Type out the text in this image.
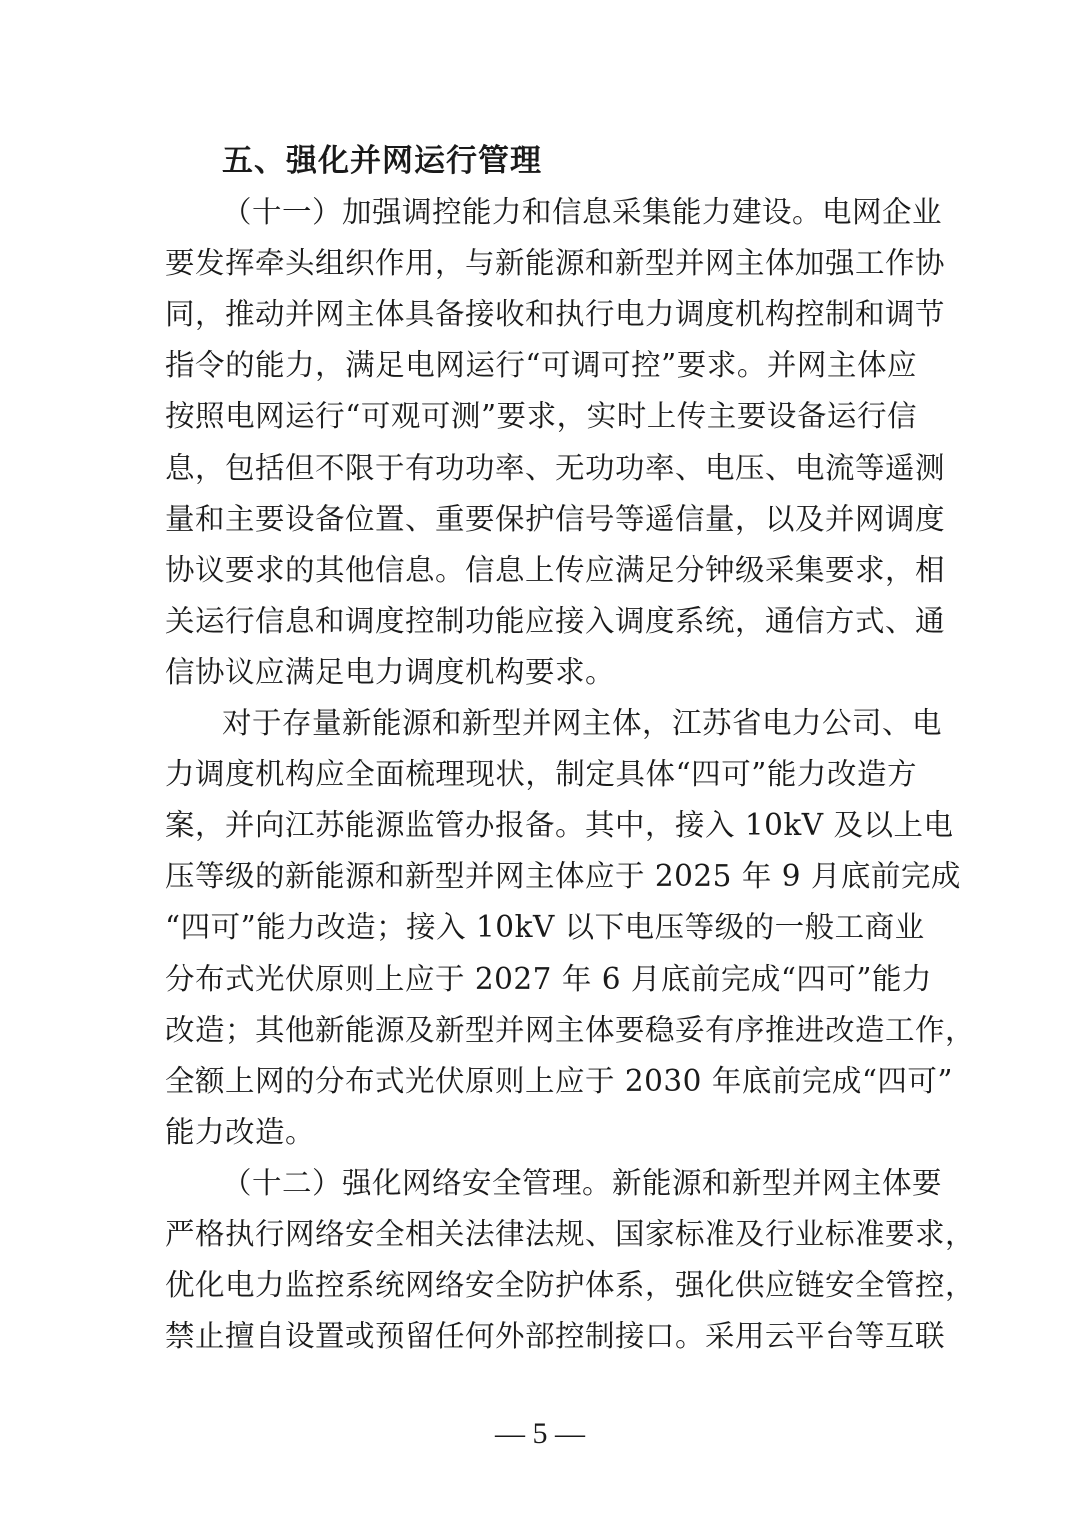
五、强化并网运行管理
（十一）加强调控能力和信息采集能力建设。电网企业
要发挥牵头组织作用，与新能源和新型并网主体加强工作协
同，推动并网主体具备接收和执行电力调度机构控制和调节
指令的能力，满足电网运行“可调可控”要求。并网主体应
按照电网运行“可观可测”要求，实时上传主要设备运行信
息，包括但不限于有功功率、无功功率、电压、电流等遥测
量和主要设备位置、重要保护信号等遥信量，以及并网调度
协议要求的其他信息。信息上传应满足分钟级采集要求，相
关运行信息和调度控制功能应接入调度系统，通信方式、通
信协议应满足电力调度机构要求。
对于存量新能源和新型并网主体，江苏省电力公司、电
力调度机构应全面梳理现状，制定具体“四可”能力改造方
案，并向江苏能源监管办报备。其中，接入 10kV 及以上电
压等级的新能源和新型并网主体应于 2025 年 9 月底前完成
“四可”能力改造；接入 10kV 以下电压等级的一般工商业
分布式光伏原则上应于 2027 年 6 月底前完成“四可”能力
改造；其他新能源及新型并网主体要稳妥有序推进改造工作，
全额上网的分布式光伏原则上应于 2030 年底前完成“四可”
能力改造。
（十二）强化网络安全管理。新能源和新型并网主体要
严格执行网络安全相关法律法规、国家标准及行业标准要求，
优化电力监控系统网络安全防护体系，强化供应链安全管控，
禁止擅自设置或预留任何外部控制接口。采用云平台等互联
— 5 —
